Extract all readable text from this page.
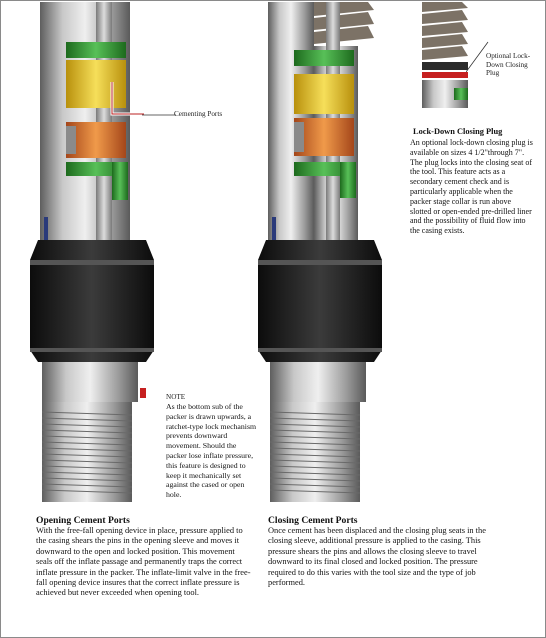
Cementing Ports
Optional Lock-Down Closing Plug
Lock-Down Closing Plug
An optional lock-down closing plug is available on sizes 4 1/2"through 7". The plug locks into the closing seat of the tool. This feature acts as a secondary cement check and is particularly applicable when the packer stage collar is run above slotted or open-ended pre-drilled liner and the possibility of fluid flow into the casing exists.
NOTE
As the bottom sub of the packer is drawn upwards, a ratchet-type lock mechanism prevents downward movement. Should the packer lose inflate pressure, this feature is designed to keep it mechanically set against the cased or open hole.
Opening Cement Ports
With the free-fall opening device in place, pressure applied to the casing shears the pins in the opening sleeve and moves it downward to the open and locked position. This movement seals off the inflate passage and permanently traps the correct inflate pressure in the packer. The inflate-limit valve in the free-fall opening device insures that the correct inflate pressure is achieved but never exceeded when opening tool.
Closing Cement Ports
Once cement has been displaced and the closing plug seats in the closing sleeve, additional pressure is applied to the casing. This pressure shears the pins and allows the closing sleeve to travel downward to its final closed and locked position. The pressure required to do this varies with the tool size and the type of job performed.
